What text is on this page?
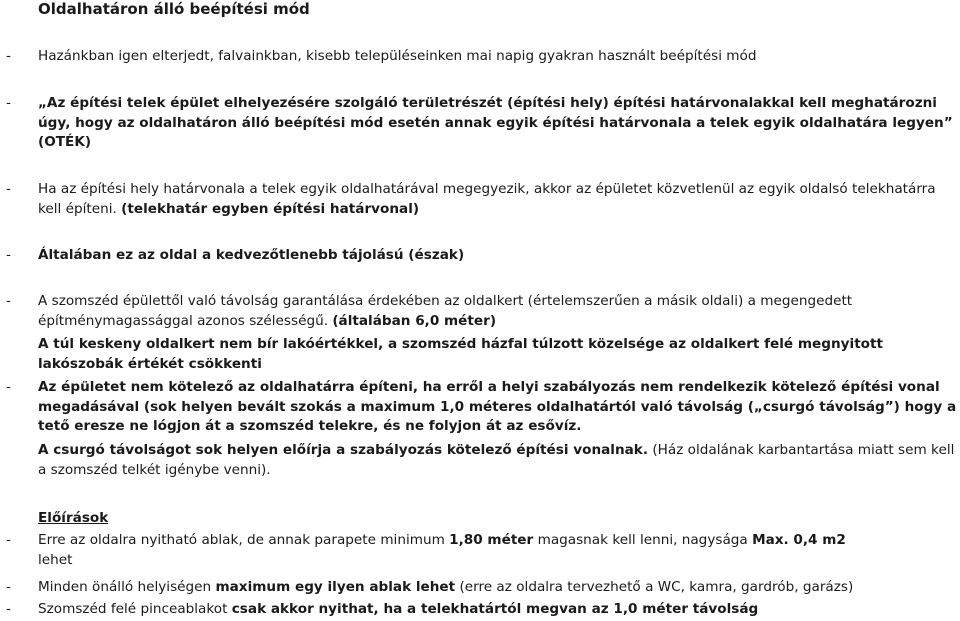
Oldalhatáron álló beépítési mód
- Hazánkban igen elterjedt, falvainkban, kisebb településeinken mai napig gyakran használt beépítési mód
- „Az építési telek épület elhelyezésére szolgáló területrészét (építési hely) építési határvonalakkal kell meghatározni úgy, hogy az oldalhatáron álló beépítési mód esetén annak egyik építési határvonala a telek egyik oldalhatára legyen” (OTÉK)
- Ha az építési hely határvonala a telek egyik oldalhatárával megegyezik, akkor az épületet közvetlenül az egyik oldalsó telekhatárra kell építeni. (telekhatár egyben építési határvonal)
- Általában ez az oldal a kedvezőtlenebb tájolású (észak)
- A szomszéd épülettől való távolság garantálása érdekében az oldalkert (értelemszerűen a másik oldali) a megengedett építménymagassággal azonos szélességű. (általában 6,0 méter)
A túl keskeny oldalkert nem bír lakóértékkel, a szomszéd házfal túlzott közelsége az oldalkert felé megnyitott lakószobák értékét csökkenti
- Az épületet nem kötelező az oldalhatárra építeni, ha erről a helyi szabályozás nem rendelkezik kötelező építési vonal megadásával (sok helyen bevált szokás a maximum 1,0 méteres oldalhatártól való távolság („csurgó távolság”) hogy a tető eresze ne lógjon át a szomszéd telekre, és ne folyjon át az esővíz.
A csurgó távolságot sok helyen előírja a szabályozás kötelező építési vonalnak. (Ház oldalának karbantartása miatt sem kell a szomszéd telkét igénybe venni).
Előírások
- Erre az oldalra nyitható ablak, de annak parapete minimum 1,80 méter magasnak kell lenni, nagysága Max. 0,4 m2
lehet
- Minden önálló helyiségen maximum egy ilyen ablak lehet (erre az oldalra tervezhető a WC, kamra, gardrób, garázs)
- Szomszéd felé pinceablakot csak akkor nyithat, ha a telekhatártól megvan az 1,0 méter távolság
